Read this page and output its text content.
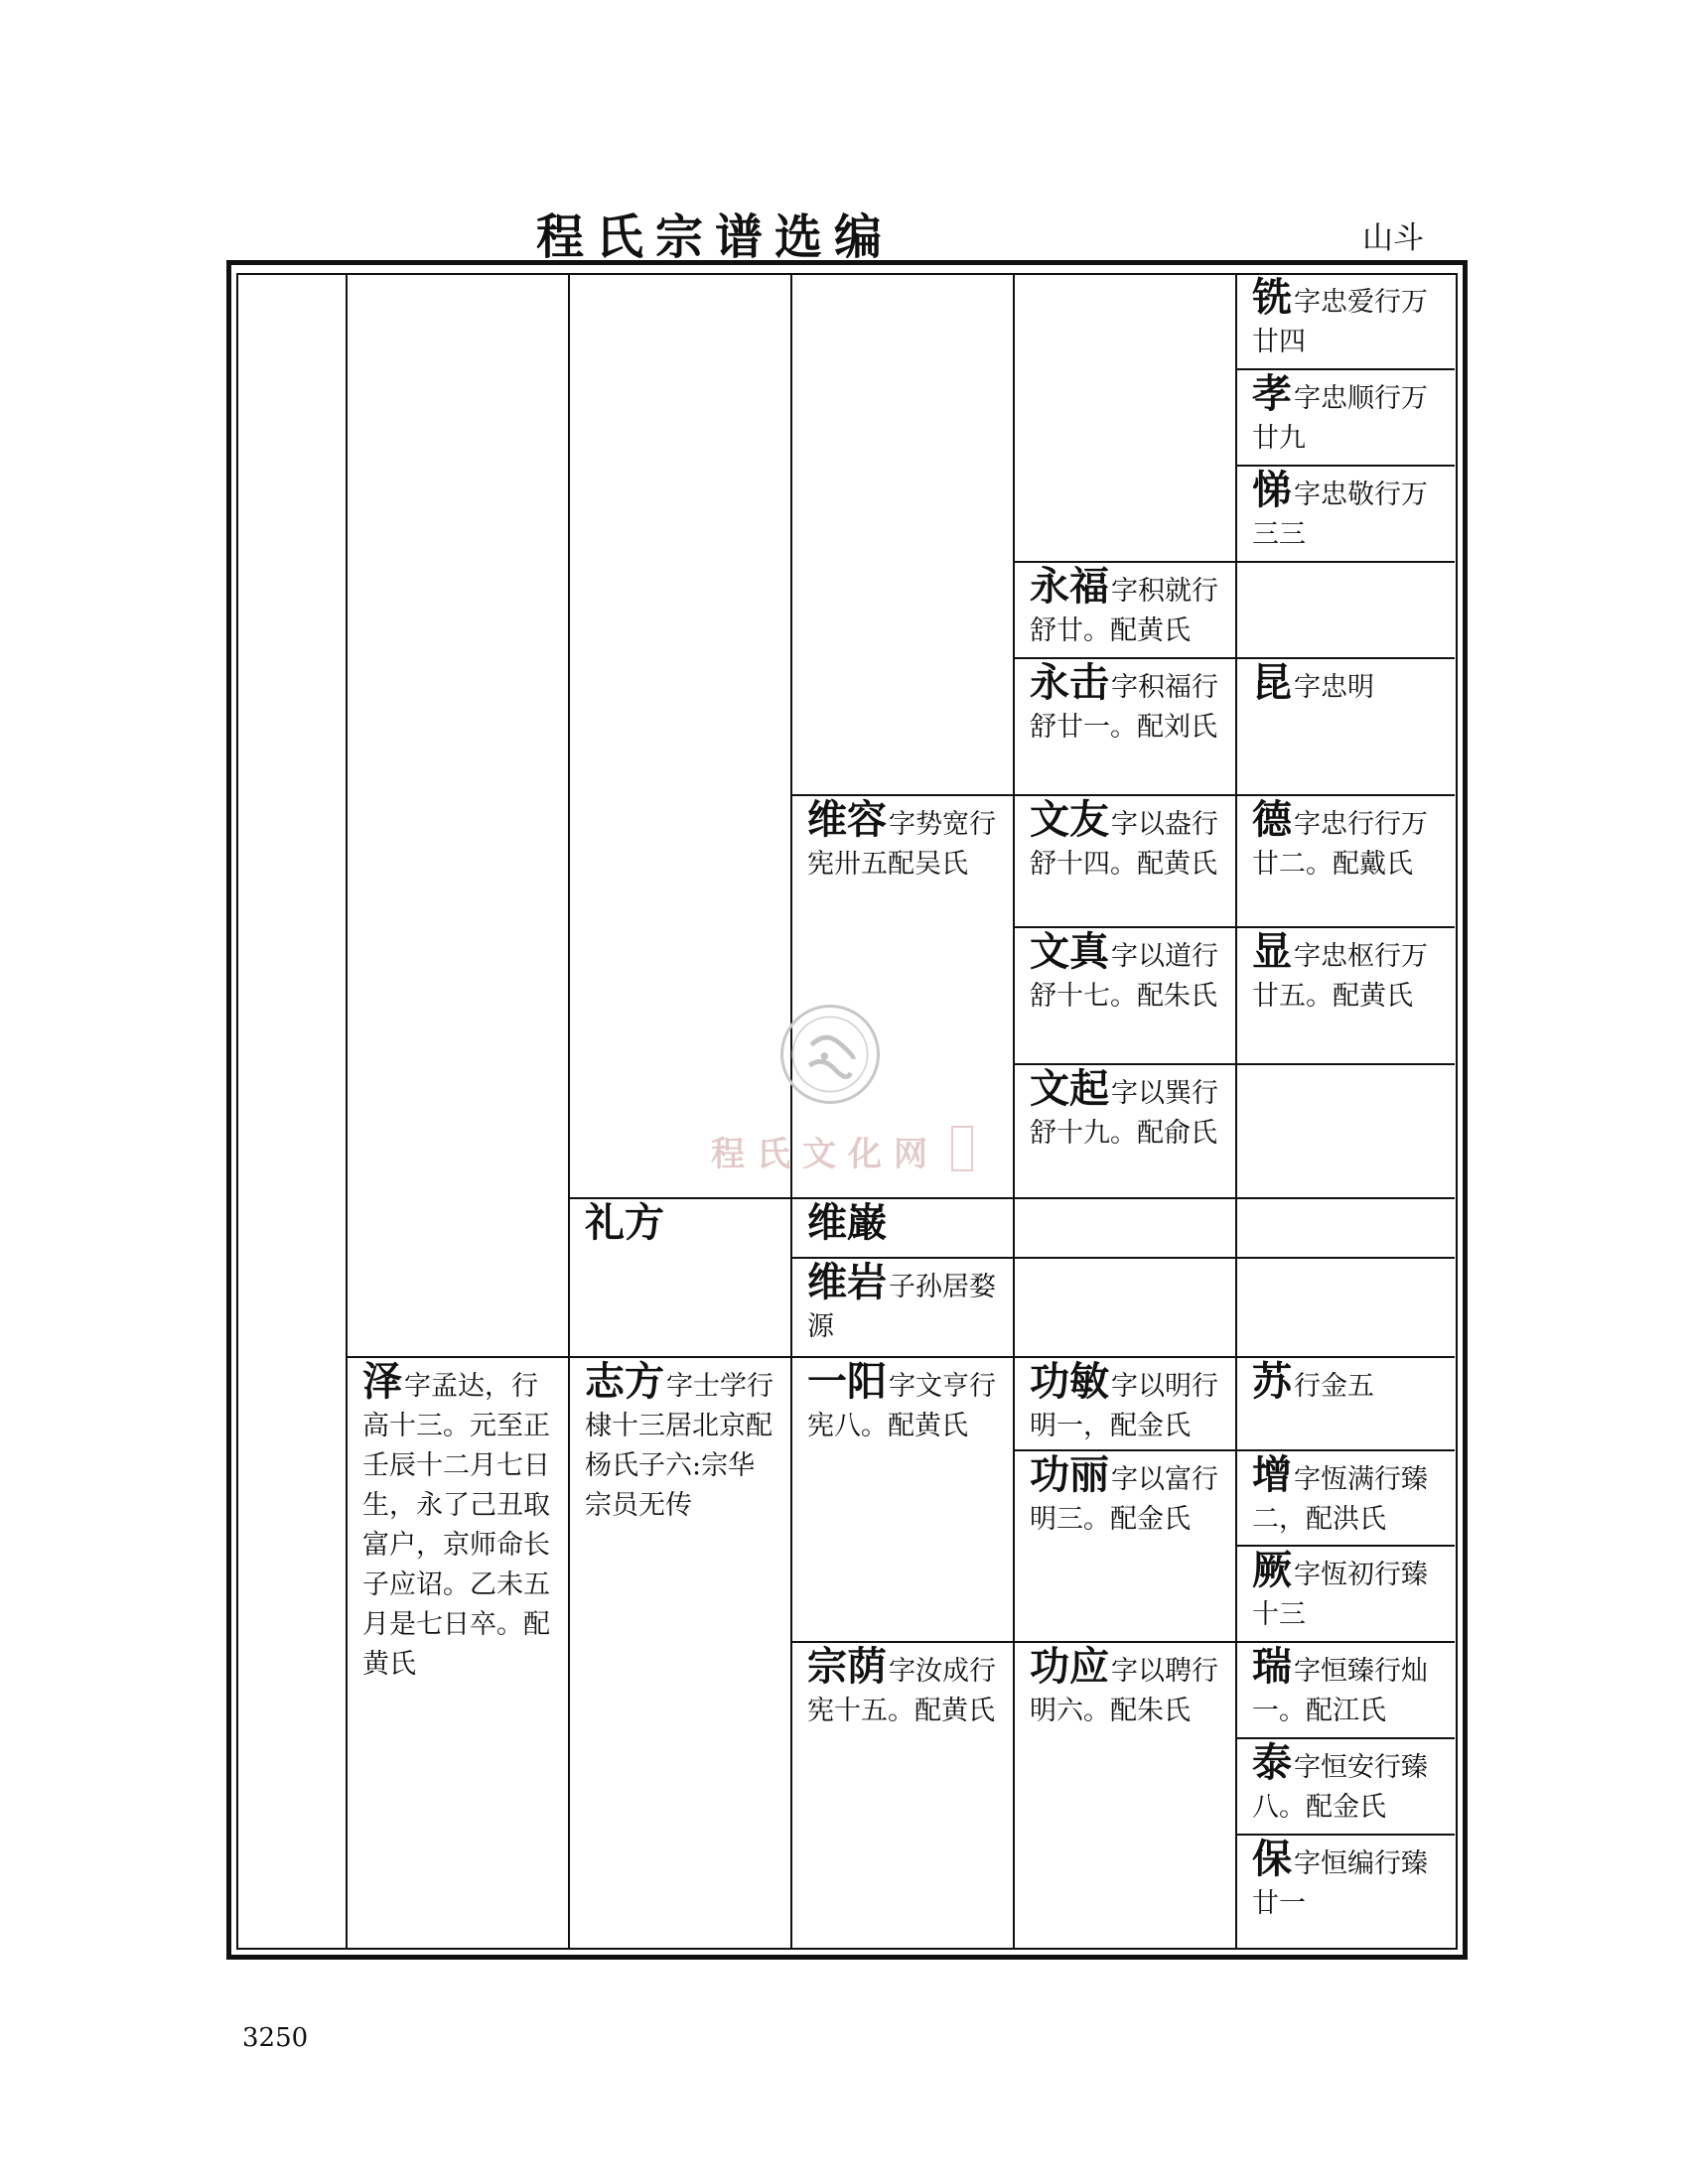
程氏宗谱选编	山斗
铣字忠爱行万廿四
孝字忠顺行万廿九
悌字忠敬行万三三
昆字忠明
德字忠行行万廿二。配戴氏
显字忠枢行万廿五。配黄氏
苏行金五
增字恆满行臻二，配洪氏
厥字恆初行臻十三
瑞字恒臻行灿一。配江氏
泰字恒安行臻八。配金氏
保字恒编行臻廿一
永福字积就行舒廿。配黄氏
永击字积福行舒廿一。配刘氏
文友字以盎行舒十四。配黄氏
文真字以道行舒十七。配朱氏
文起字以巽行舒十九。配俞氏
功敏字以明行明一，配金氏
功丽字以富行明三。配金氏
功应字以聘行明六。配朱氏
维容字势宽行宪卅五配吴氏
维巌
维岩子孙居婺源
一阳字文亨行宪八。配黄氏
宗荫字汝成行宪十五。配黄氏
礼方
志方字士学行棣十三居北京配杨氏子六:宗华宗员无传
泽字孟达，行高十三。元至正壬辰十二月七日生，永了己丑取富户，京师命长子应诏。乙未五月是七日卒。配黄氏
程氏文化网
3250
